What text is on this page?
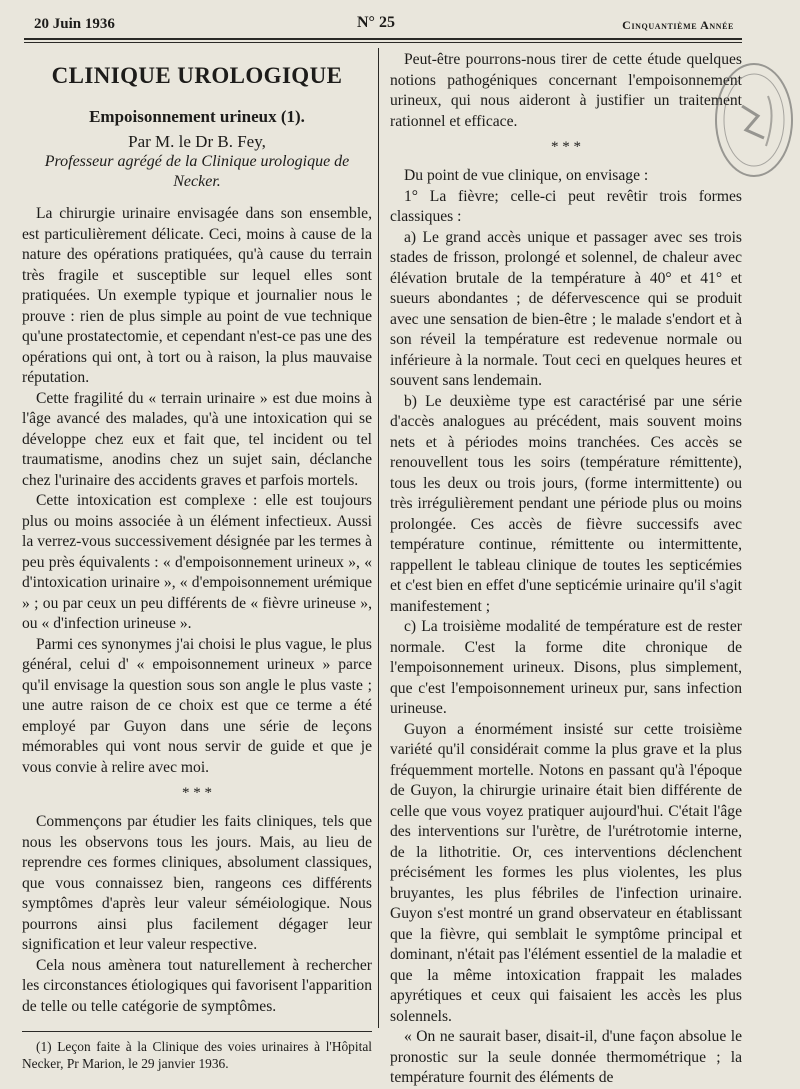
20 Juin 1936	N° 25	Cinquantième Année
CLINIQUE UROLOGIQUE
Empoisonnement urineux (1).
Par M. le Dr B. Fey,
Professeur agrégé de la Clinique urologique de Necker.

La chirurgie urinaire envisagée dans son ensemble, est particulièrement délicate. Ceci, moins à cause de la nature des opérations pratiquées, qu'à cause du terrain très fragile et susceptible sur lequel elles sont pratiquées. Un exemple typique et journalier nous le prouve : rien de plus simple au point de vue technique qu'une prostatectomie, et cependant n'est-ce pas une des opérations qui ont, à tort ou à raison, la plus mauvaise réputation.

Cette fragilité du « terrain urinaire » est due moins à l'âge avancé des malades, qu'à une intoxication qui se développe chez eux et fait que, tel incident ou tel traumatisme, anodins chez un sujet sain, déclanche chez l'urinaire des accidents graves et parfois mortels.

Cette intoxication est complexe : elle est toujours plus ou moins associée à un élément infectieux. Aussi la verrez-vous successivement désignée par les termes à peu près équivalents : « d'empoisonnement urineux », « d'intoxication urinaire », « d'empoisonnement urémique » ; ou par ceux un peu différents de « fièvre urineuse », ou « d'infection urineuse ».

Parmi ces synonymes j'ai choisi le plus vague, le plus général, celui d' « empoisonnement urineux » parce qu'il envisage la question sous son angle le plus vaste ; une autre raison de ce choix est que ce terme a été employé par Guyon dans une série de leçons mémorables qui vont nous servir de guide et que je vous convie à relire avec moi.

* * *

Commençons par étudier les faits cliniques, tels que nous les observons tous les jours. Mais, au lieu de reprendre ces formes cliniques, absolument classiques, que vous connaissez bien, rangeons ces différents symptômes d'après leur valeur séméiologique. Nous pourrons ainsi plus facilement dégager leur signification et leur valeur respective.

Cela nous amènera tout naturellement à rechercher les circonstances étiologiques qui favorisent l'apparition de telle ou telle catégorie de symptômes.

(1) Leçon faite à la Clinique des voies urinaires à l'Hôpital Necker, Pr Marion, le 29 janvier 1936.

Peut-être pourrons-nous tirer de cette étude quelques notions pathogéniques concernant l'empoisonnement urineux, qui nous aideront à justifier un traitement rationnel et efficace.

* * *

Du point de vue clinique, on envisage :

1° La fièvre; celle-ci peut revêtir trois formes classiques :

a) Le grand accès unique et passager avec ses trois stades de frisson, prolongé et solennel, de chaleur avec élévation brutale de la température à 40° et 41° et sueurs abondantes ; de défervescence qui se produit avec une sensation de bien-être ; le malade s'endort et à son réveil la température est redevenue normale ou inférieure à la normale. Tout ceci en quelques heures et souvent sans lendemain.

b) Le deuxième type est caractérisé par une série d'accès analogues au précédent, mais souvent moins nets et à périodes moins tranchées. Ces accès se renouvellent tous les soirs (température rémittente), tous les deux ou trois jours, (forme intermittente) ou très irrégulièrement pendant une période plus ou moins prolongée. Ces accès de fièvre successifs avec température continue, rémittente ou intermittente, rappellent le tableau clinique de toutes les septicémies et c'est bien en effet d'une septicémie urinaire qu'il s'agit manifestement ;

c) La troisième modalité de température est de rester normale. C'est la forme dite chronique de l'empoisonnement urineux. Disons, plus simplement, que c'est l'empoisonnement urineux pur, sans infection urineuse.

Guyon a énormément insisté sur cette troisième variété qu'il considérait comme la plus grave et la plus fréquemment mortelle. Notons en passant qu'à l'époque de Guyon, la chirurgie urinaire était bien différente de celle que vous voyez pratiquer aujourd'hui. C'était l'âge des interventions sur l'urètre, de l'urétrotomie interne, de la lithotritie. Or, ces interventions déclenchent précisément les formes les plus violentes, les plus bruyantes, les plus fébriles de l'infection urinaire. Guyon s'est montré un grand observateur en établissant que la fièvre, qui semblait le symptôme principal et dominant, n'était pas l'élément essentiel de la maladie et que la même intoxication frappait les malades apyrétiques et ceux qui faisaient les accès les plus solennels.

« On ne saurait baser, disait-il, d'une façon absolue le pronostic sur la seule donnée thermométrique ; la température fournit des éléments de
